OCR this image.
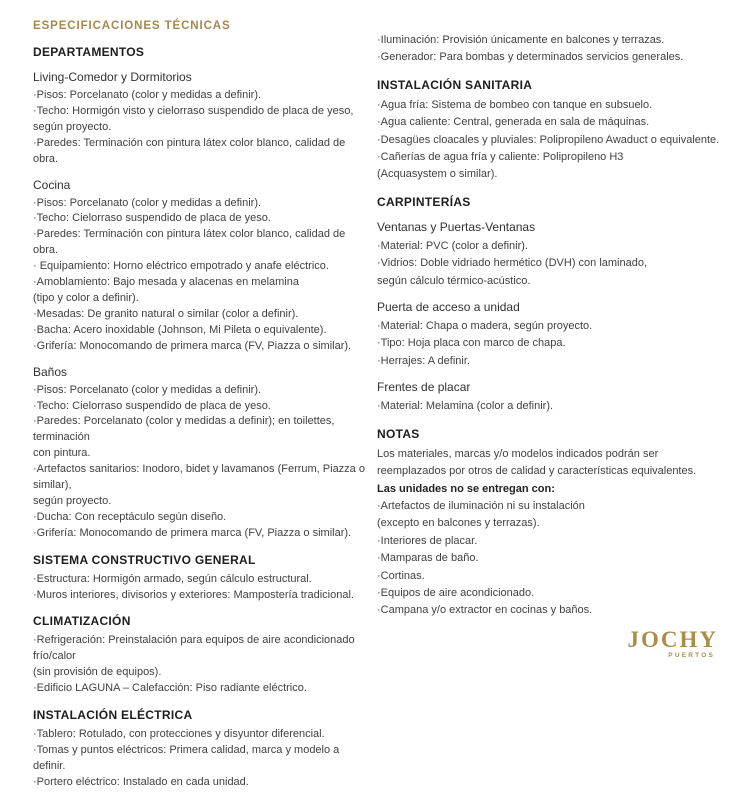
ESPECIFICACIONES TÉCNICAS
DEPARTAMENTOS
Living-Comedor y Dormitorios
·Pisos: Porcelanato (color y medidas a definir).
·Techo: Hormigón visto y cielorraso suspendido de placa de yeso,
según proyecto.
·Paredes: Terminación con pintura látex color blanco, calidad de obra.
Cocina
·Pisos: Porcelanato (color y medidas a definir).
·Techo: Cielorraso suspendido de placa de yeso.
·Paredes: Terminación con pintura látex color blanco, calidad de obra.
· Equipamiento: Horno eléctrico empotrado y anafe eléctrico.
·Amoblamiento: Bajo mesada y alacenas en melamina
(tipo y color a definir).
·Mesadas: De granito natural o similar (color a definir).
·Bacha: Acero inoxidable (Johnson, Mi Pileta o equivalente).
·Grifería: Monocomando de primera marca (FV, Piazza o similar).
Baños
·Pisos: Porcelanato (color y medidas a definir).
·Techo: Cielorraso suspendido de placa de yeso.
·Paredes: Porcelanato (color y medidas a definir); en toilettes, terminación
con pintura.
·Artefactos sanitarios: Inodoro, bidet y lavamanos (Ferrum, Piazza o similar),
según proyecto.
·Ducha: Con receptáculo según diseño.
·Grifería: Monocomando de primera marca (FV, Piazza o similar).
SISTEMA CONSTRUCTIVO GENERAL
·Estructura: Hormigón armado, según cálculo estructural.
·Muros interiores, divisorios y exteriores: Mampostería tradicional.
CLIMATIZACIÓN
·Refrigeración: Preinstalación para equipos de aire acondicionado frío/calor
(sin provisión de equipos).
·Edificio LAGUNA – Calefacción: Piso radiante eléctrico.
INSTALACIÓN ELÉCTRICA
·Tablero: Rotulado, con protecciones y disyuntor diferencial.
·Tomas y puntos eléctricos: Primera calidad, marca y modelo a definir.
·Portero eléctrico: Instalado en cada unidad.
·Iluminación: Provisión únicamente en balcones y terrazas.
·Generador: Para bombas y determinados servicios generales.
INSTALACIÓN SANITARIA
·Agua fría: Sistema de bombeo con tanque en subsuelo.
·Agua caliente: Central, generada en sala de máquinas.
·Desagües cloacales y pluviales: Polipropileno Awaduct o equivalente.
·Cañerías de agua fría y caliente: Polipropileno H3
(Acquasystem o similar).
CARPINTERÍAS
Ventanas y Puertas-Ventanas
·Material: PVC (color a definir).
·Vidrios: Doble vidriado hermético (DVH) con laminado,
según cálculo térmico-acústico.
Puerta de acceso a unidad
·Material: Chapa o madera, según proyecto.
·Tipo: Hoja placa con marco de chapa.
·Herrajes: A definir.
Frentes de placar
·Material: Melamina (color a definir).
NOTAS
Los materiales, marcas y/o modelos indicados podrán ser
reemplazados por otros de calidad y características equivalentes.
Las unidades no se entregan con:
·Artefactos de iluminación ni su instalación
(excepto en balcones y terrazas).
·Interiores de placar.
·Mamparas de baño.
·Cortinas.
·Equipos de aire acondicionado.
·Campana y/o extractor en cocinas y baños.
JOCHY
PUERTOS
